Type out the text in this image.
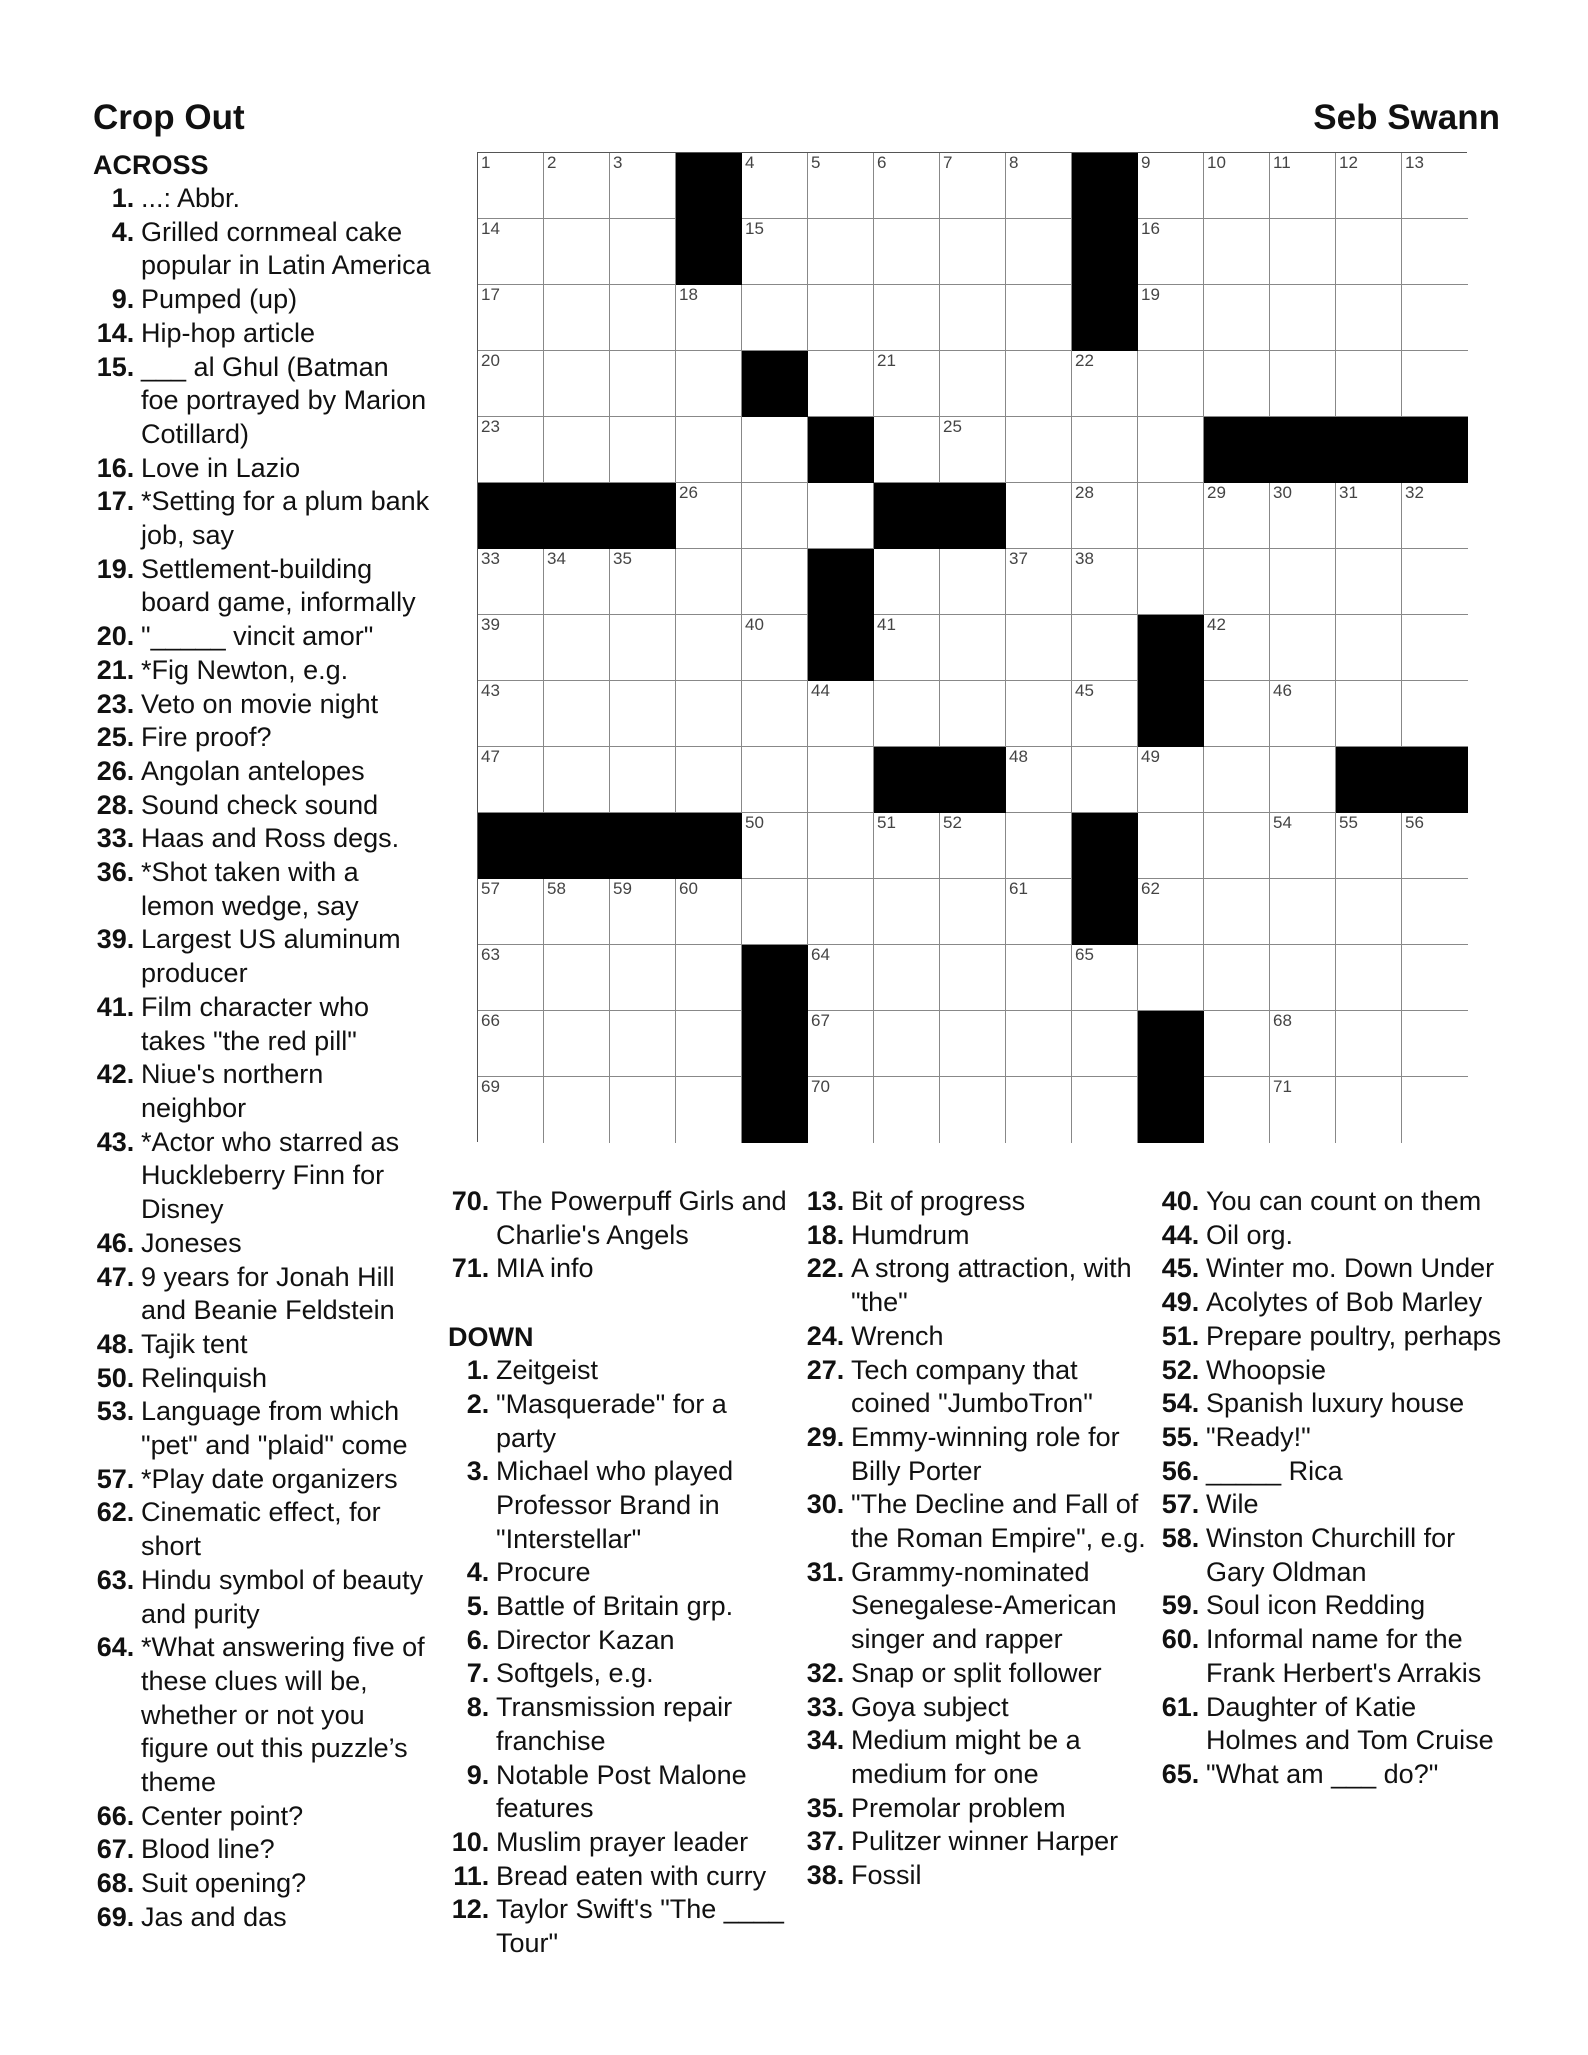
Crop Out	Seb Swann
ACROSS
1. ...: Abbr.
4. Grilled cornmeal cake popular in Latin America
9. Pumped (up)
14. Hip-hop article
15. ___ al Ghul (Batman foe portrayed by Marion Cotillard)
16. Love in Lazio
17. *Setting for a plum bank job, say
19. Settlement-building board game, informally
20. "_____ vincit amor"
21. *Fig Newton, e.g.
23. Veto on movie night
25. Fire proof?
26. Angolan antelopes
28. Sound check sound
33. Haas and Ross degs.
36. *Shot taken with a lemon wedge, say
39. Largest US aluminum producer
41. Film character who takes "the red pill"
42. Niue's northern neighbor
43. *Actor who starred as Huckleberry Finn for Disney
46. Joneses
47. 9 years for Jonah Hill and Beanie Feldstein
48. Tajik tent
50. Relinquish
53. Language from which "pet" and "plaid" come
57. *Play date organizers
62. Cinematic effect, for short
63. Hindu symbol of beauty and purity
64. *What answering five of these clues will be, whether or not you figure out this puzzle’s theme
66. Center point?
67. Blood line?
68. Suit opening?
69. Jas and das
70. The Powerpuff Girls and Charlie's Angels
71. MIA info
DOWN
1. Zeitgeist
2. "Masquerade" for a party
3. Michael who played Professor Brand in "Interstellar"
4. Procure
5. Battle of Britain grp.
6. Director Kazan
7. Softgels, e.g.
8. Transmission repair franchise
9. Notable Post Malone features
10. Muslim prayer leader
11. Bread eaten with curry
12. Taylor Swift's "The ____ Tour"
13. Bit of progress
18. Humdrum
22. A strong attraction, with "the"
24. Wrench
27. Tech company that coined "JumboTron"
29. Emmy-winning role for Billy Porter
30. "The Decline and Fall of the Roman Empire", e.g.
31. Grammy-nominated Senegalese-American singer and rapper
32. Snap or split follower
33. Goya subject
34. Medium might be a medium for one
35. Premolar problem
37. Pulitzer winner Harper
38. Fossil
40. You can count on them
44. Oil org.
45. Winter mo. Down Under
49. Acolytes of Bob Marley
51. Prepare poultry, perhaps
52. Whoopsie
54. Spanish luxury house
55. "Ready!"
56. _____ Rica
57. Wile
58. Winston Churchill for Gary Oldman
59. Soul icon Redding
60. Informal name for the Frank Herbert's Arrakis
61. Daughter of Katie Holmes and Tom Cruise
65. "What am ___ do?"
1	2	3	4	5	6	7	8	9	10	11	12	13
14	15	16
17	18	19
20	21	22
23	25
26	28	29	30	31	32
33	34	35	37	38
39	40	41	42
43	44	45	46
47	48	49
50	51	52	54	55	56
57	58	59	60	61	62
63	64	65
66	67	68
69	70	71
